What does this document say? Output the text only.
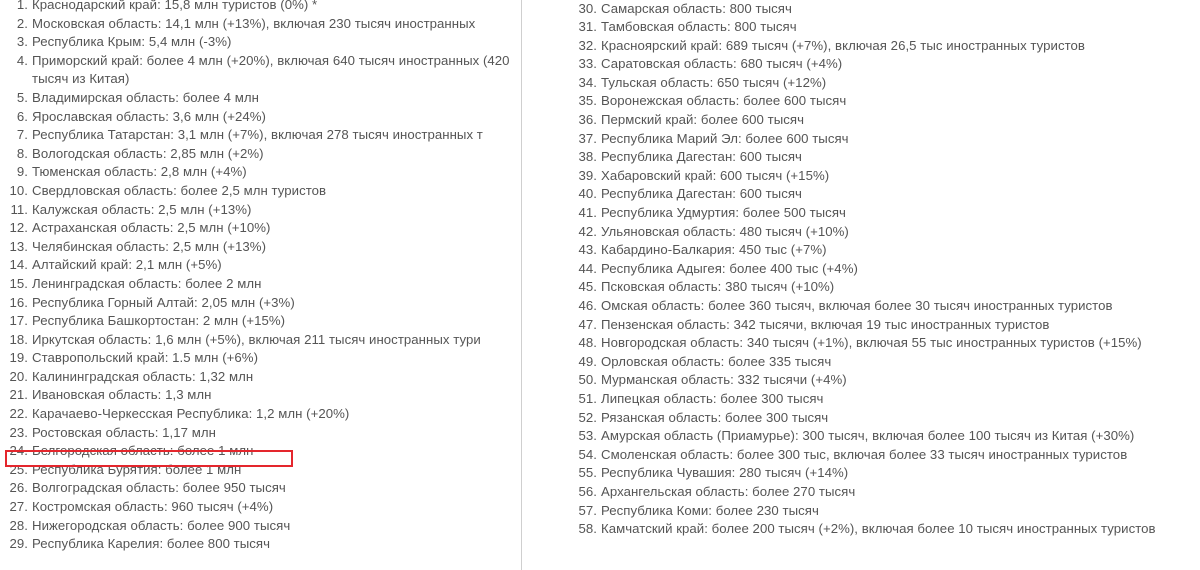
1. Краснодарский край: 15,8 млн туристов (0%) *
2. Московская область: 14,1 млн (+13%), включая 230 тысяч иностранных
3. Республика Крым: 5,4 млн (-3%)
4. Приморский край: более 4 млн (+20%), включая 640 тысяч иностранных (420 тысяч из Китая)
5. Владимирская область: более 4 млн
6. Ярославская область: 3,6 млн (+24%)
7. Республика Татарстан: 3,1 млн (+7%), включая 278 тысяч иностранных т
8. Вологодская область: 2,85 млн (+2%)
9. Тюменская область: 2,8 млн (+4%)
10. Свердловская область: более 2,5 млн туристов
11. Калужская область: 2,5 млн (+13%)
12. Астраханская область: 2,5 млн (+10%)
13. Челябинская область: 2,5 млн (+13%)
14. Алтайский край: 2,1 млн (+5%)
15. Ленинградская область: более 2 млн
16. Республика Горный Алтай: 2,05 млн (+3%)
17. Республика Башкортостан: 2 млн (+15%)
18. Иркутская область: 1,6 млн (+5%), включая 211 тысяч иностранных тури
19. Ставропольский край: 1.5 млн (+6%)
20. Калининградская область: 1,32 млн
21. Ивановская область: 1,3 млн
22. Карачаево-Черкесская Республика: 1,2 млн (+20%)
23. Ростовская область: 1,17 млн
24. Белгородская область: более 1 млн
25. Республика Бурятия: более 1 млн
26. Волгоградская область: более 950 тысяч
27. Костромская область: 960 тысяч (+4%)
28. Нижегородская область: более 900 тысяч
29. Республика Карелия: более 800 тысяч
30. Самарская область: 800 тысяч
31. Тамбовская область: 800 тысяч
32. Красноярский край: 689 тысяч (+7%), включая 26,5 тыс иностранных туристов
33. Саратовская область: 680 тысяч (+4%)
34. Тульская область: 650 тысяч (+12%)
35. Воронежская область: более 600 тысяч
36. Пермский край: более 600 тысяч
37. Республика Марий Эл: более 600 тысяч
38. Республика Дагестан: 600 тысяч
39. Хабаровский край: 600 тысяч (+15%)
40. Республика Дагестан: 600 тысяч
41. Республика Удмуртия: более 500 тысяч
42. Ульяновская область: 480 тысяч (+10%)
43. Кабардино-Балкария: 450 тыс (+7%)
44. Республика Адыгея: более 400 тыс (+4%)
45. Псковская область: 380 тысяч (+10%)
46. Омская область: более 360 тысяч, включая более 30 тысяч иностранных туристов
47. Пензенская область: 342 тысячи, включая 19 тыс иностранных туристов
48. Новгородская область: 340 тысяч (+1%), включая 55 тыс иностранных туристов (+15%)
49. Орловская область: более 335 тысяч
50. Мурманская область: 332 тысячи (+4%)
51. Липецкая область: более 300 тысяч
52. Рязанская область: более 300 тысяч
53. Амурская область (Приамурье): 300 тысяч, включая более 100 тысяч из Китая (+30%)
54. Смоленская область: более 300 тыс, включая более 33 тысяч иностранных туристов
55. Республика Чувашия: 280 тысяч (+14%)
56. Архангельская область: более 270 тысяч
57. Республика Коми: более 230 тысяч
58. Камчатский край: более 200 тысяч (+2%), включая более 10 тысяч иностранных туристов
